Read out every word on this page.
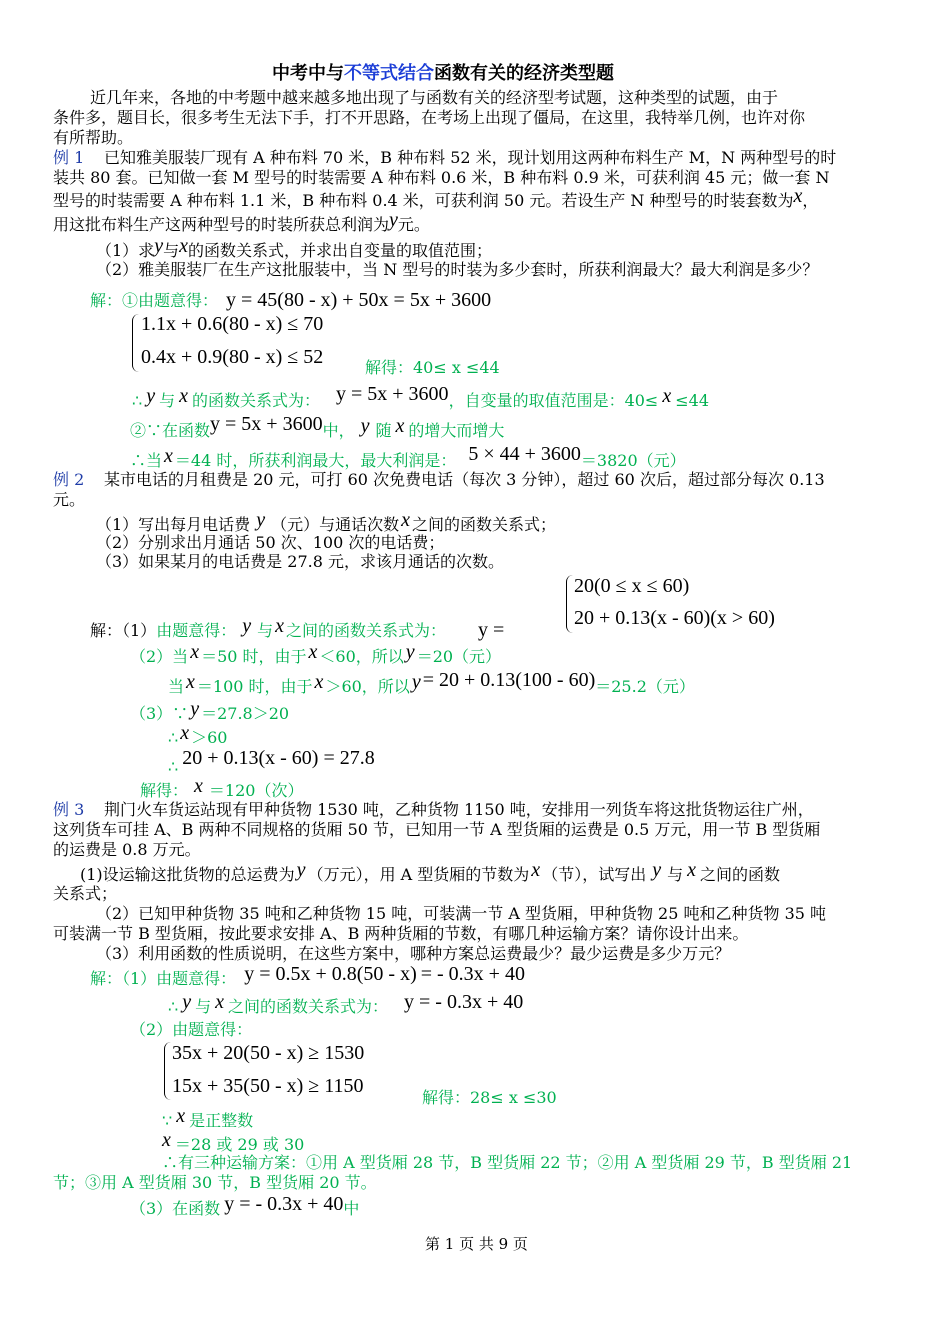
中考中与不等式结合函数有关的经济类型题
近几年来，各地的中考题中越来越多地出现了与函数有关的经济型考试题，这种类型的试题，由于
条件多，题目长，很多考生无法下手，打不开思路，在考场上出现了僵局，在这里，我特举几例，也许对你
有所帮助。
例 1 已知雅美服装厂现有 A 种布料 70 米，B 种布料 52 米，现计划用这两种布料生产 M，N 两种型号的时
装共 80 套。已知做一套 M 型号的时装需要 A 种布料 0.6 米，B 种布料 0.9 米，可获利润 45 元；做一套 N
型号的时装需要 A 种布料 1.1 米，B 种布料 0.4 米，可获利润 50 元。若设生产 N 种型号的时装套数为x，
用这批布料生产这两种型号的时装所获总利润为y元。
（1）求y与x的函数关系式，并求出自变量的取值范围；
（2）雅美服装厂在生产这批服装中，当 N 型号的时装为多少套时，所获利润最大？最大利润是多少？
解：①由题意得： y = 45(80 - x) + 50x = 5x + 3600
1.1x + 0.6(80 - x) ≤ 70
0.4x + 0.9(80 - x) ≤ 52	解得：40≤ x ≤44
∴ y 与 x 的函数关系式为： y = 5x + 3600，自变量的取值范围是：40≤ x ≤44
②∵在函数y = 5x + 3600中， y 随 x 的增大而增大
∴当 x ＝44 时，所获利润最大，最大利润是： 5 × 44 + 3600＝3820（元）
例 2 某市电话的月租费是 20 元，可打 60 次免费电话（每次 3 分钟），超过 60 次后，超过部分每次 0.13
元。
（1）写出每月电话费 y （元）与通话次数 x 之间的函数关系式；
（2）分别求出月通话 50 次、100 次的电话费；
（3）如果某月的电话费是 27.8 元，求该月通话的次数。
20(0 ≤ x ≤ 60)
20 + 0.13(x - 60)(x > 60)
解：（1）由题意得： y 与 x 之间的函数关系式为： y =
（2）当 x ＝50 时，由于 x ＜60，所以 y ＝20（元）
当 x ＝100 时，由于 x ＞60，所以 y = 20 + 0.13(100 - 60)＝25.2（元）
（3）∵ y ＝27.8＞20
∴ x ＞60
∴ 20 + 0.13(x - 60) = 27.8
解得： x ＝120（次）
例 3 荆门火车货运站现有甲种货物 1530 吨，乙种货物 1150 吨，安排用一列货车将这批货物运往广州，
这列货车可挂 A、B 两种不同规格的货厢 50 节，已知用一节 A 型货厢的运费是 0.5 万元，用一节 B 型货厢
的运费是 0.8 万元。
(1)设运输这批货物的总运费为 y （万元），用 A 型货厢的节数为 x （节），试写出 y 与 x 之间的函数
关系式；
（2）已知甲种货物 35 吨和乙种货物 15 吨，可装满一节 A 型货厢，甲种货物 25 吨和乙种货物 35 吨
可装满一节 B 型货厢，按此要求安排 A、B 两种货厢的节数，有哪几种运输方案？请你设计出来。
（3）利用函数的性质说明，在这些方案中，哪种方案总运费最少？最少运费是多少万元？
解：（1）由题意得： y = 0.5x + 0.8(50 - x) = - 0.3x + 40
∴ y 与 x 之间的函数关系式为： y = - 0.3x + 40
（2）由题意得：
35x + 20(50 - x) ≥ 1530
15x + 35(50 - x) ≥ 1150
解得：28≤ x ≤30
∵ x 是正整数
x ＝28 或 29 或 30
∴有三种运输方案：①用 A 型货厢 28 节，B 型货厢 22 节；②用 A 型货厢 29 节，B 型货厢 21
节；③用 A 型货厢 30 节，B 型货厢 20 节。
（3）在函数 y = - 0.3x + 40中
第 1 页 共 9 页
